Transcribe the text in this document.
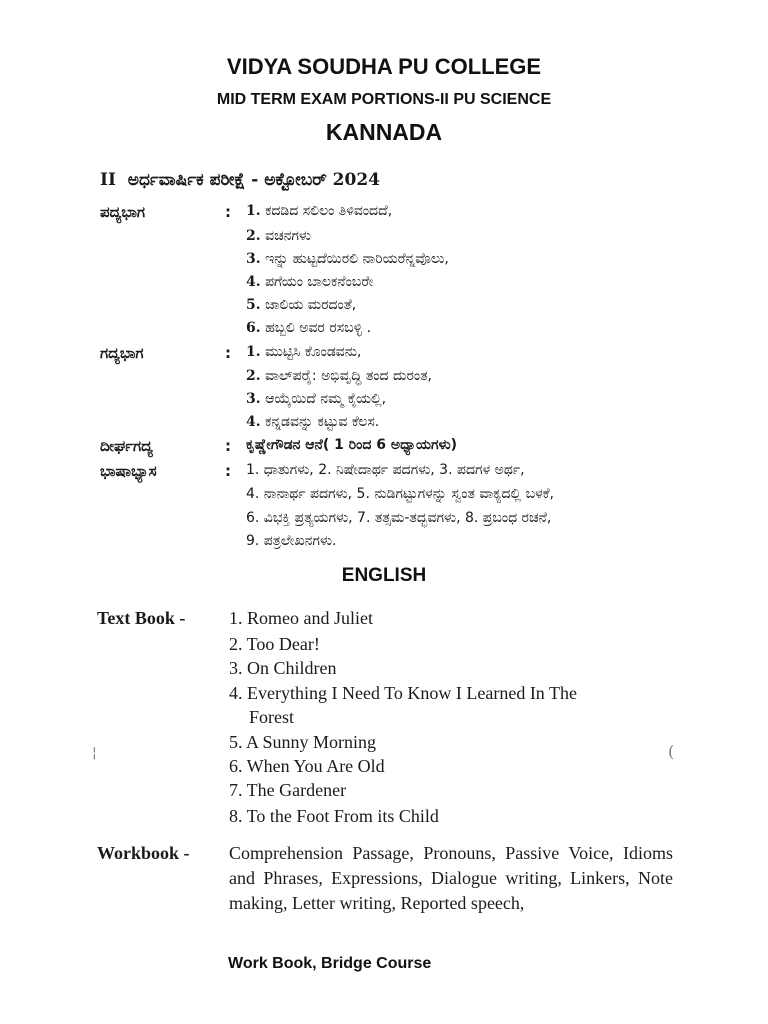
VIDYA SOUDHA PU COLLEGE
MID TERM EXAM PORTIONS-II PU SCIENCE
KANNADA
II ಅರ್ಧವಾರ್ಷಿಕ ಪರೀಕ್ಷೆ - ಅಕ್ಟೋಬರ್ 2024
ಪದ್ಯಭಾಗ	: 1. ಕದಡಿದ ಸಲಿಲಂ ತಿಳಿವಂದದೆ,
2. ವಚನಗಳು
3. ಇನ್ನು ಹುಟ್ಟದೆಯಿರಲಿ ನಾರಿಯರೆನ್ನವೊಲು,
4. ಪಗೆಯಂ ಬಾಲಕನೆಂಬರೇ
5. ಜಾಲಿಯ ಮರದಂತೆ,
6. ಹಬ್ಬಲಿ ಅವರ ರಸಬಳ್ಳಿ .
ಗದ್ಯಭಾಗ	: 1. ಮುಟ್ಟಿಸಿ ಕೊಂಡವನು,
2. ವಾಲ್‌ಪರೈ: ಅಭಿವೃದ್ಧಿ ತಂದ ದುರಂತ,
3. ಆಯ್ಕೆಯಿದೆ ನಮ್ಮ ಕೈಯಲ್ಲಿ,
4. ಕನ್ನಡವನ್ನು ಕಟ್ಟುವ ಕೆಲಸ.
ದೀರ್ಘಗದ್ಯ	: ಕೃಷ್ಣೇಗೌಡನ ಆನೆ( 1 ರಿಂದ 6 ಅಧ್ಯಾಯಗಳು)
ಭಾಷಾಭ್ಯಾಸ	: 1. ಧಾತುಗಳು, 2. ನಿಷೇದಾರ್ಥ ಪದಗಳು, 3. ಪದಗಳ ಅರ್ಥ,
4. ನಾನಾರ್ಥ ಪದಗಳು, 5. ನುಡಿಗಟ್ಟುಗಳನ್ನು ಸ್ವಂತ ವಾಕ್ಯದಲ್ಲಿ ಬಳಕೆ,
6. ವಿಭಕ್ತಿ ಪ್ರತ್ಯಯಗಳು, 7. ತತ್ಸಮ-ತದ್ಭವಗಳು, 8. ಪ್ರಬಂಧ ರಚನೆ,
9. ಪತ್ರಲೇಖನಗಳು.
ENGLISH
Text Book - 1. Romeo and Juliet
2. Too Dear!
3. On Children
4. Everything I Need To Know I Learned In The
Forest
5. A Sunny Morning
6. When You Are Old
7. The Gardener
8. To the Foot From its Child
Workbook - Comprehension Passage, Pronouns, Passive Voice, Idioms and Phrases, Expressions, Dialogue writing, Linkers, Note making, Letter writing, Reported speech,
Work Book, Bridge Course
¦	(
